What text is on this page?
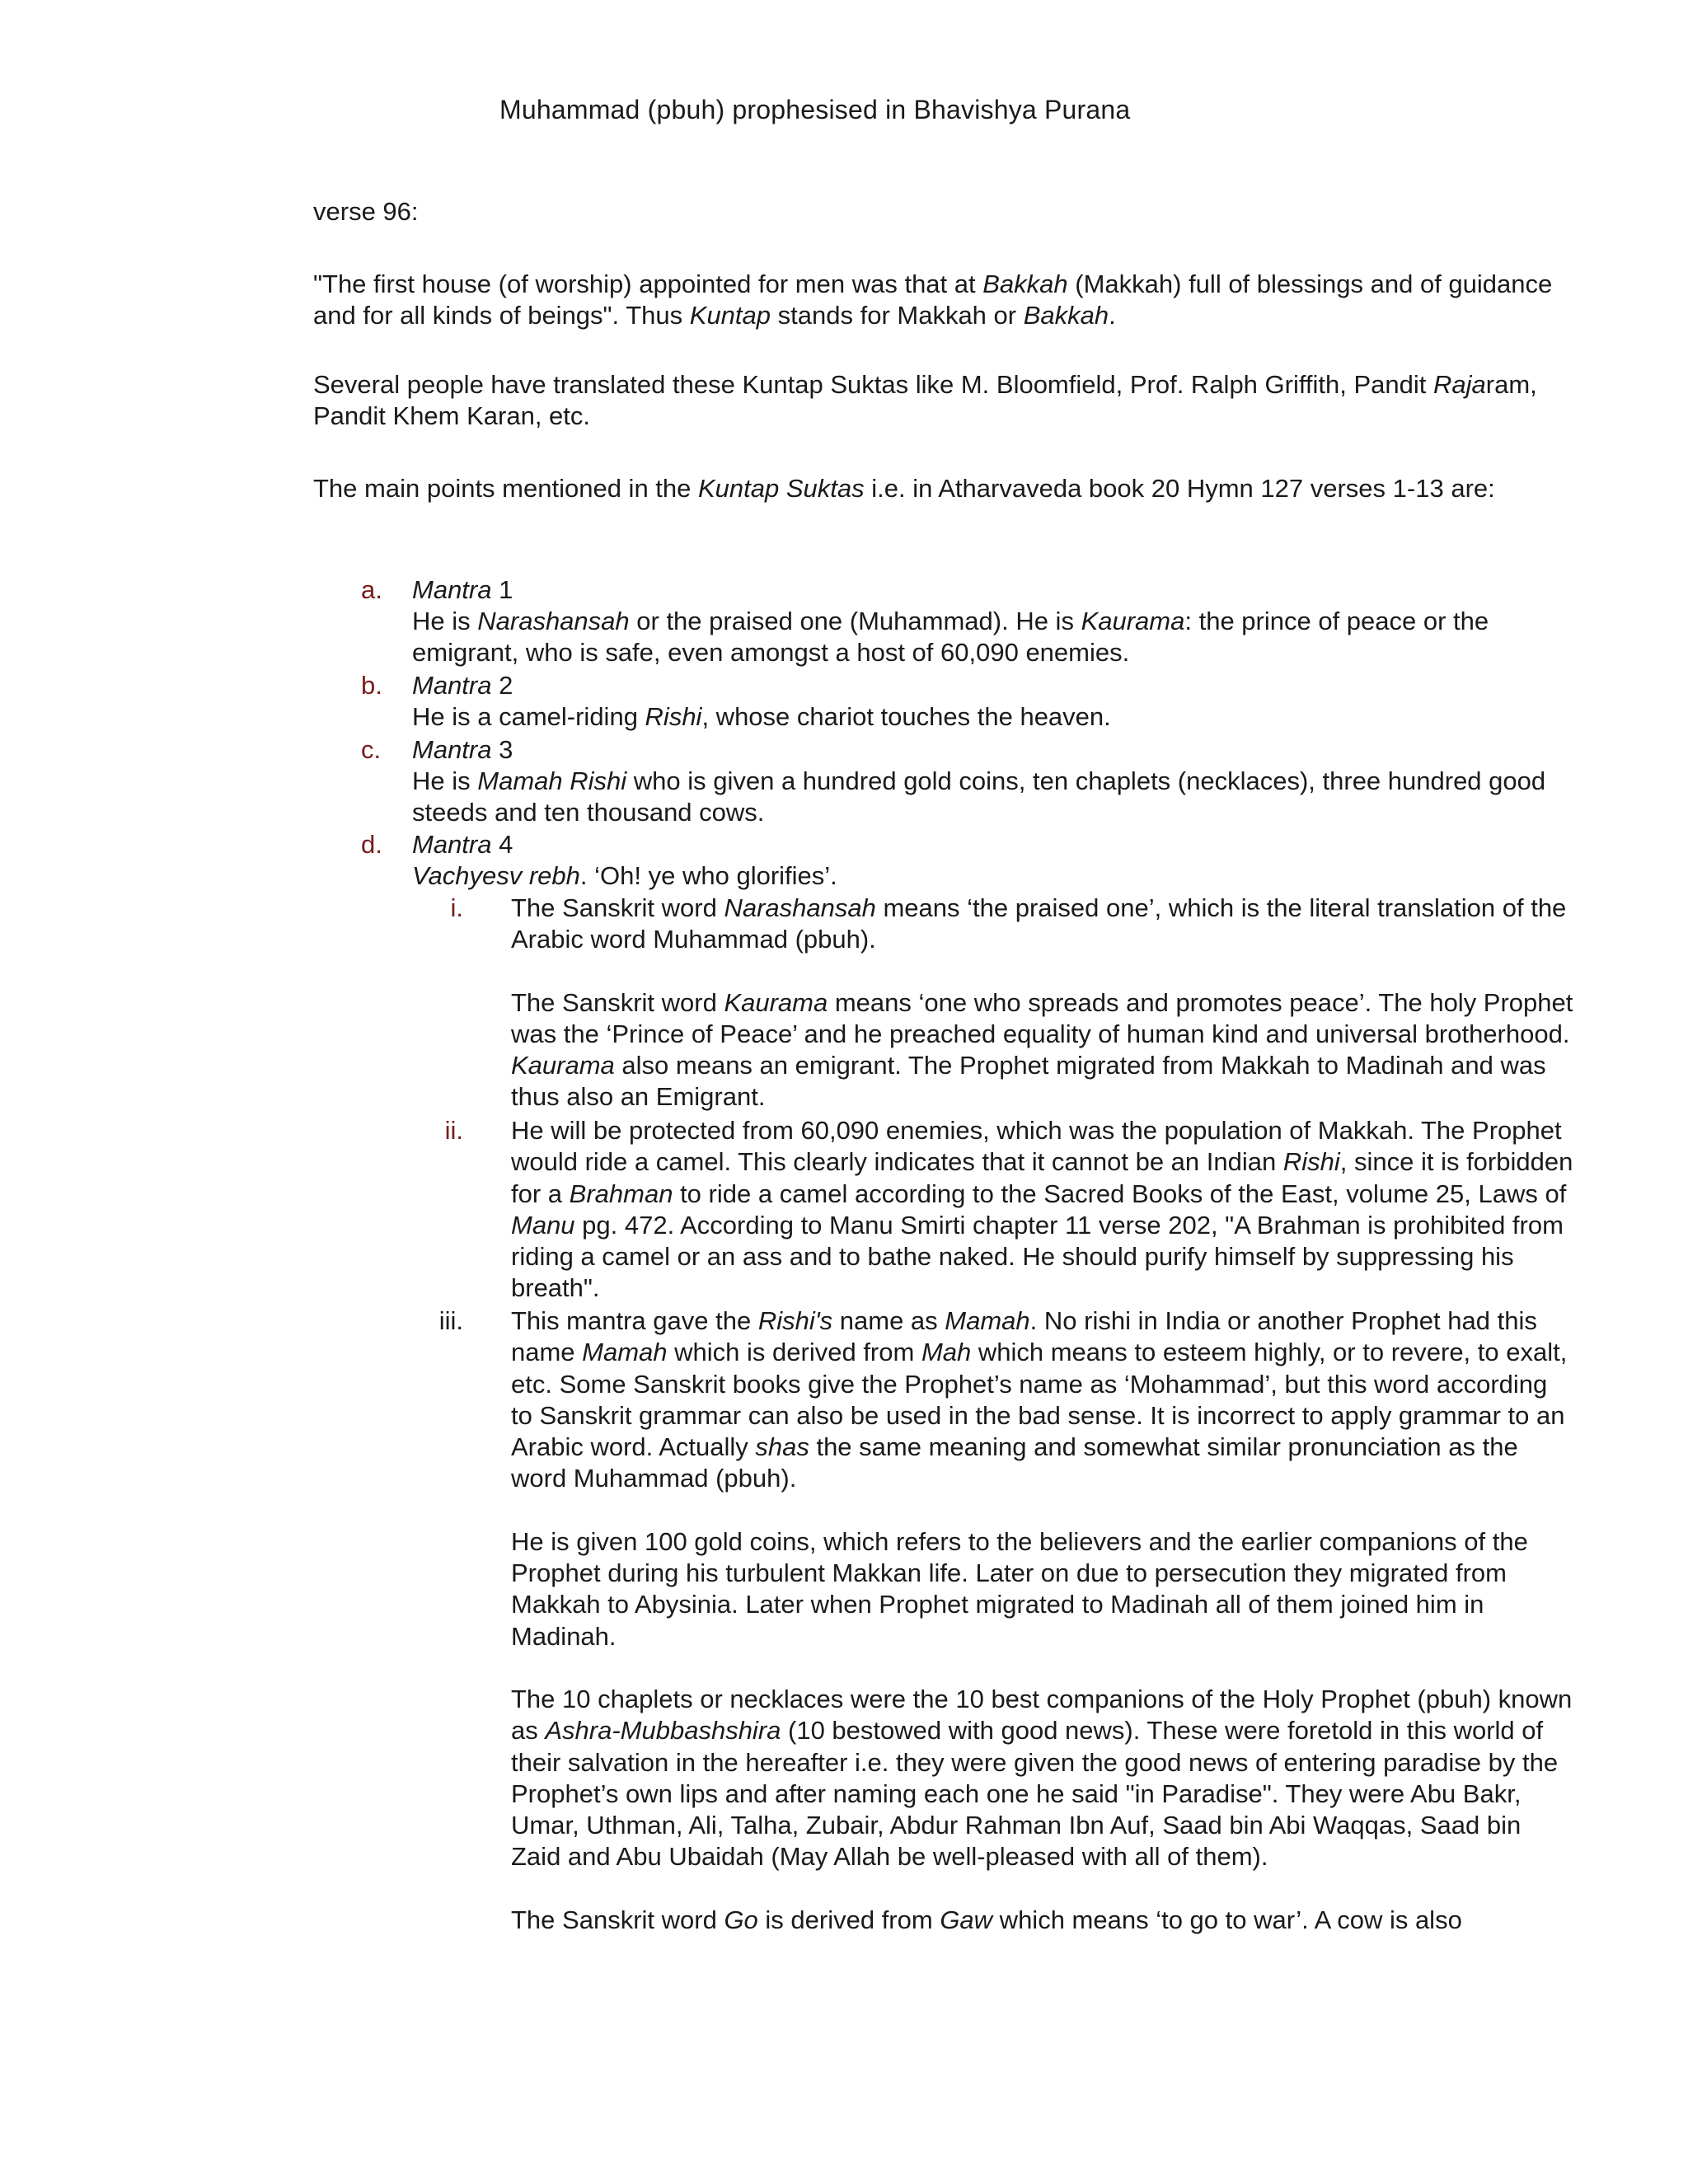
Muhammad (pbuh) prophesised in Bhavishya Purana
verse 96:
"The first house (of worship) appointed for men was that at Bakkah (Makkah) full of blessings and of guidance and for all kinds of beings". Thus Kuntap stands for Makkah or Bakkah.
Several people have translated these Kuntap Suktas like M. Bloomfield, Prof. Ralph Griffith, Pandit Rajaram, Pandit Khem Karan, etc.
The main points mentioned in the Kuntap Suktas i.e. in Atharvaveda book 20 Hymn 127 verses 1-13 are:
a. Mantra 1
He is Narashansah or the praised one (Muhammad). He is Kaurama: the prince of peace or the emigrant, who is safe, even amongst a host of 60,090 enemies.
b. Mantra 2
He is a camel-riding Rishi, whose chariot touches the heaven.
c. Mantra 3
He is Mamah Rishi who is given a hundred gold coins, ten chaplets (necklaces), three hundred good steeds and ten thousand cows.
d. Mantra 4
Vachyesv rebh. ‘Oh! ye who glorifies’.
i. The Sanskrit word Narashansah means ‘the praised one’, which is the literal translation of the Arabic word Muhammad (pbuh).
The Sanskrit word Kaurama means ‘one who spreads and promotes peace’. The holy Prophet was the ‘Prince of Peace’ and he preached equality of human kind and universal brotherhood. Kaurama also means an emigrant. The Prophet migrated from Makkah to Madinah and was thus also an Emigrant.
ii. He will be protected from 60,090 enemies, which was the population of Makkah. The Prophet would ride a camel. This clearly indicates that it cannot be an Indian Rishi, since it is forbidden for a Brahman to ride a camel according to the Sacred Books of the East, volume 25, Laws of Manu pg. 472. According to Manu Smirti chapter 11 verse 202, "A Brahman is prohibited from riding a camel or an ass and to bathe naked. He should purify himself by suppressing his breath".
iii. This mantra gave the Rishi's name as Mamah. No rishi in India or another Prophet had this name Mamah which is derived from Mah which means to esteem highly, or to revere, to exalt, etc. Some Sanskrit books give the Prophet’s name as ‘Mohammad’, but this word according to Sanskrit grammar can also be used in the bad sense. It is incorrect to apply grammar to an Arabic word. Actually shas the same meaning and somewhat similar pronunciation as the word Muhammad (pbuh).
He is given 100 gold coins, which refers to the believers and the earlier companions of the Prophet during his turbulent Makkan life. Later on due to persecution they migrated from Makkah to Abysinia. Later when Prophet migrated to Madinah all of them joined him in Madinah.
The 10 chaplets or necklaces were the 10 best companions of the Holy Prophet (pbuh) known as Ashra-Mubbashshira (10 bestowed with good news). These were foretold in this world of their salvation in the hereafter i.e. they were given the good news of entering paradise by the Prophet’s own lips and after naming each one he said "in Paradise". They were Abu Bakr, Umar, Uthman, Ali, Talha, Zubair, Abdur Rahman Ibn Auf, Saad bin Abi Waqqas, Saad bin Zaid and Abu Ubaidah (May Allah be well-pleased with all of them).
The Sanskrit word Go is derived from Gaw which means ‘to go to war’. A cow is also
